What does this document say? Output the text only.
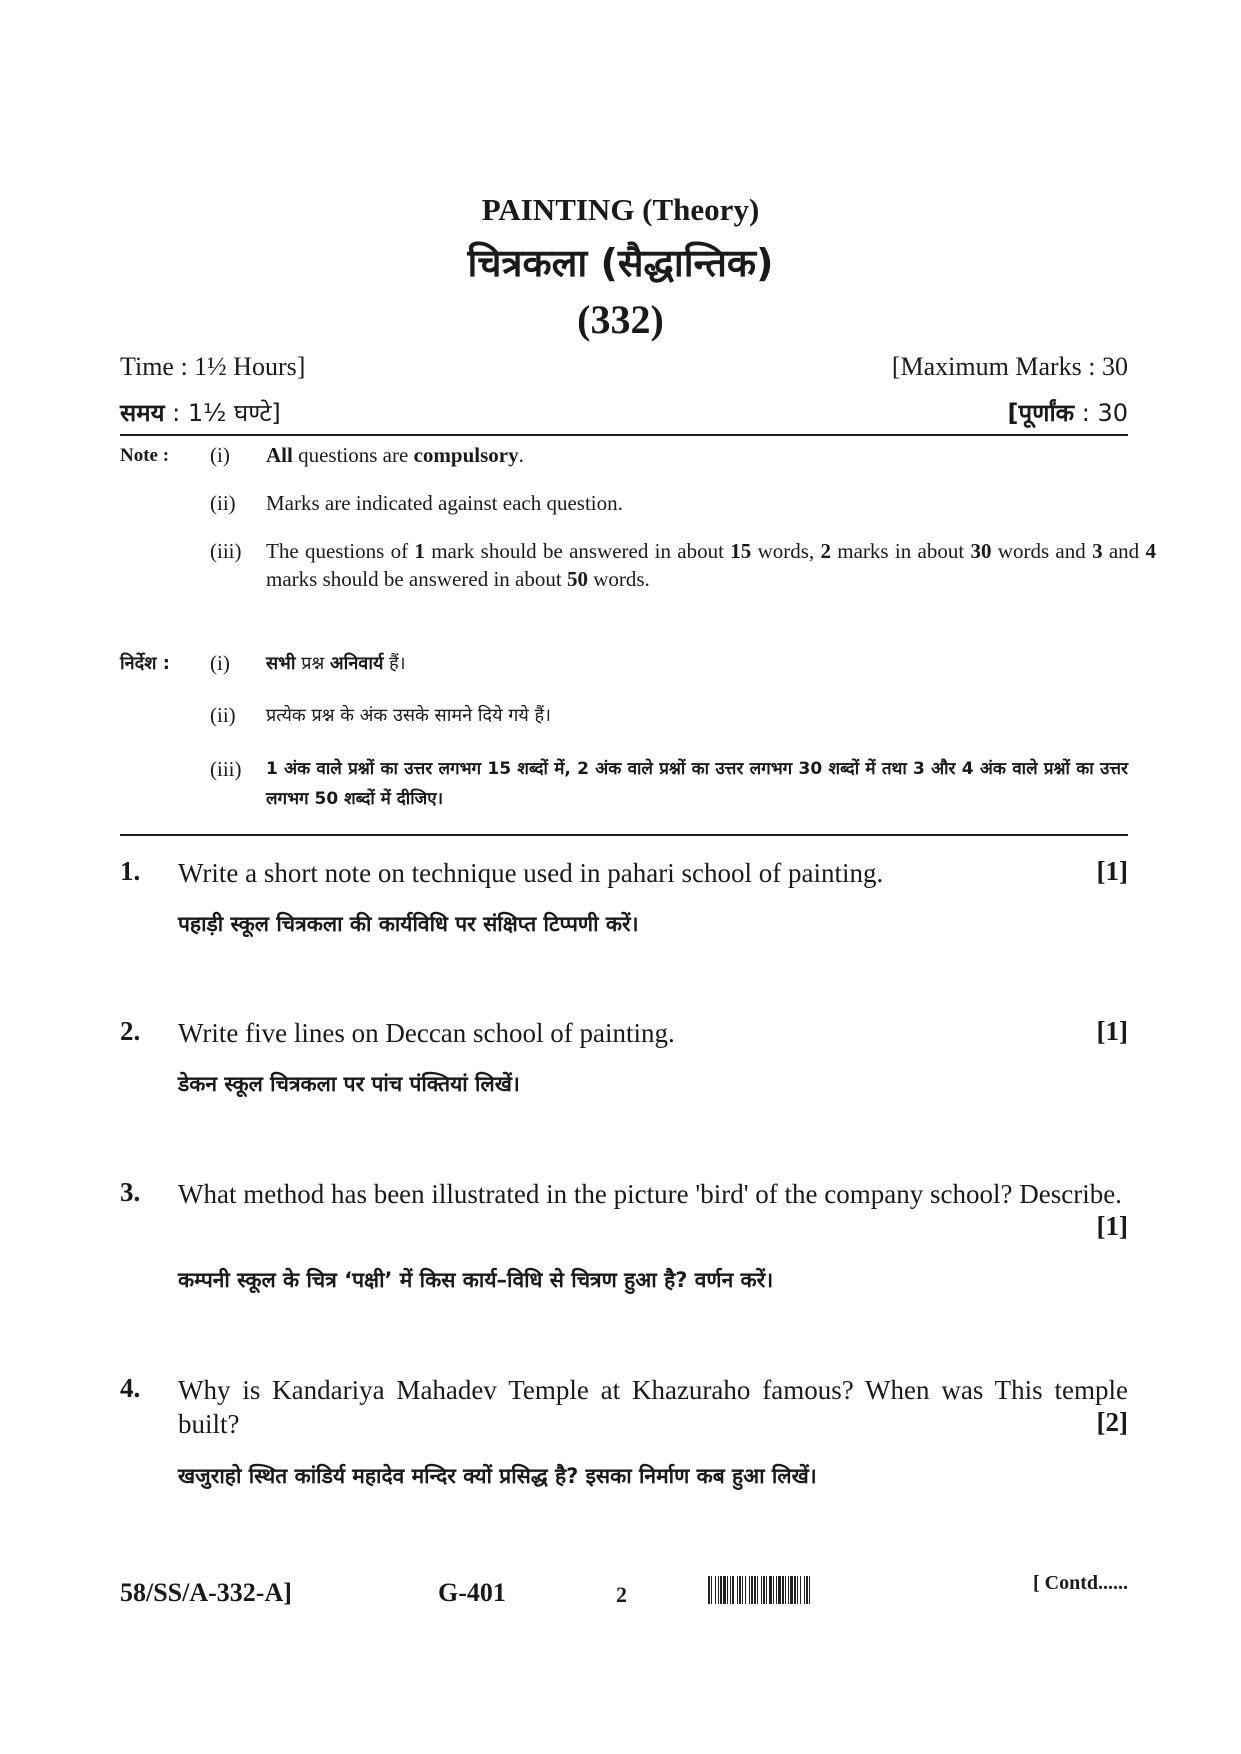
PAINTING (Theory)
चित्रकला (सैद्धान्तिक)
(332)
Time : 1½ Hours]	[Maximum Marks : 30
समय : 1½ घण्टे]	[पूर्णांक : 30
Note : (i) All questions are compulsory.
(ii) Marks are indicated against each question.
(iii) The questions of 1 mark should be answered in about 15 words, 2 marks in about 30 words and 3 and 4 marks should be answered in about 50 words.
निर्देश : (i) सभी प्रश्न अनिवार्य हैं।
(ii) प्रत्येक प्रश्न के अंक उसके सामने दिये गये हैं।
(iii) 1 अंक वाले प्रश्नों का उत्तर लगभग 15 शब्दों में, 2 अंक वाले प्रश्नों का उत्तर लगभग 30 शब्दों में तथा 3 और 4 अंक वाले प्रश्नों का उत्तर लगभग 50 शब्दों में दीजिए।
1. Write a short note on technique used in pahari school of painting.	[1]
पहाड़ी स्कूल चित्रकला की कार्यविधि पर संक्षिप्त टिप्पणी करें।
2. Write five lines on Deccan school of painting.	[1]
डेकन स्कूल चित्रकला पर पांच पंक्तियां लिखें।
3. What method has been illustrated in the picture 'bird' of the company school? Describe.
[1]
कम्पनी स्कूल के चित्र ‘पक्षी’ में किस कार्य–विधि से चित्रण हुआ है? वर्णन करें।
4. Why is Kandariya Mahadev Temple at Khazuraho famous? When was This temple built?	[2]
खजुराहो स्थित कांडिर्य महादेव मन्दिर क्यों प्रसिद्ध है? इसका निर्माण कब हुआ लिखें।
58/SS/A-332-A]	G-401	2	[ Contd......
